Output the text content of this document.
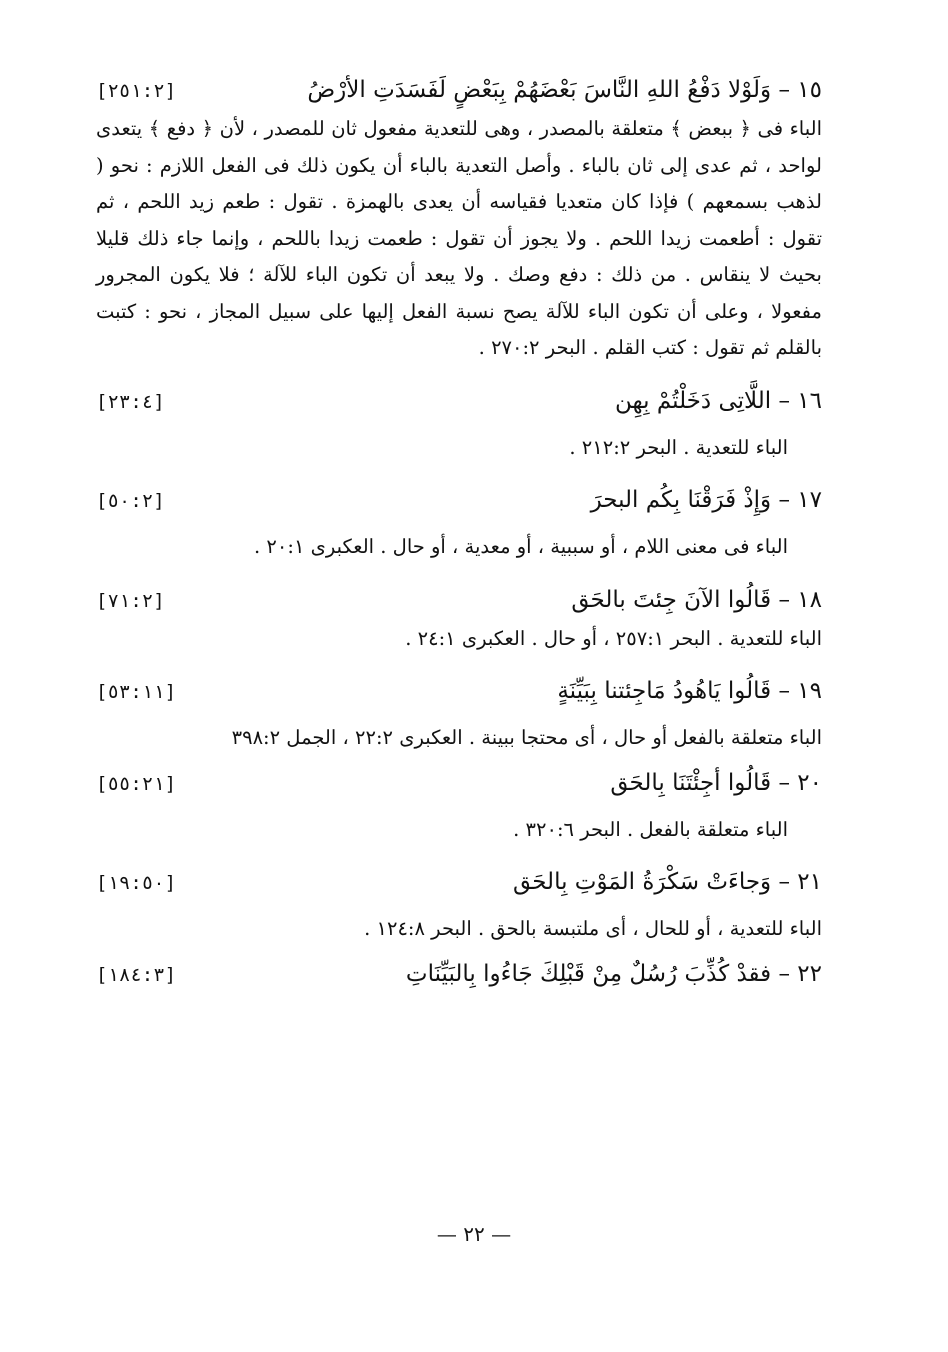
١٥ – وَلَوْلا دَفْعُ اللهِ النَّاسَ بَعْضَهُمْ بِبَعْضٍ لَفَسَدَتِ الأرْضُ
[٢٥١:٢]

الباء فى ﴿ ببعض ﴾ متعلقة بالمصدر ، وهى للتعدية مفعول ثان للمصدر ، لأن ﴿ دفع ﴾ يتعدى لواحد ، ثم عدى إلى ثان بالباء . وأصل التعدية بالباء أن يكون ذلك فى الفعل اللازم : نحو ( لذهب بسمعهم ) فإذا كان متعديا فقياسه أن يعدى بالهمزة . تقول : طعم زيد اللحم ، ثم تقول : أطعمت زيدا اللحم . ولا يجوز أن تقول : طعمت زيدا باللحم ، وإنما جاء ذلك قليلا بحيث لا ينقاس . من ذلك : دفع وصك . ولا يبعد أن تكون الباء للآلة ؛ فلا يكون المجرور مفعولا ، وعلى أن تكون الباء للآلة يصح نسبة الفعل إليها على سبيل المجاز ، نحو : كتبت بالقلم ثم تقول : كتب القلم . البحر ٢٧٠:٢ .

١٦ – اللَّاتِى دَخَلْتُمْ بِهِن
[٢٣:٤]

الباء للتعدية . البحر ٢١٢:٢ .

١٧ – وَإِذْ فَرَقْنَا بِكُم البحرَ
[٥٠:٢]

الباء فى معنى اللام ، أو سببية ، أو معدية ، أو حال . العكبرى ٢٠:١ .

١٨ – قَالُوا الآنَ جِئتَ بالحَق
[٧١:٢]

الباء للتعدية . البحر ٢٥٧:١ ، أو حال . العكبرى ٢٤:١ .

١٩ – قَالُوا يَاهُودُ مَاجِئتنا بِبَيِّنَةٍ
[٥٣:١١]

الباء متعلقة بالفعل أو حال ، أى محتجا ببينة . العكبرى ٢٢:٢ ، الجمل ٣٩٨:٢

٢٠ – قَالُوا أجِئْتَنَا بِالحَق
[٥٥:٢١]

الباء متعلقة بالفعل . البحر ٣٢٠:٦ .

٢١ – وَجاءَتْ سَكْرَةُ المَوْتِ بِالحَق
[١٩:٥٠]

الباء للتعدية ، أو للحال ، أى ملتبسة بالحق . البحر ١٢٤:٨ .

٢٢ – فقدْ كُذِّبَ رُسُلٌ مِنْ قَبْلِكَ جَاءُوا بِالبَيِّنَاتِ
[١٨٤:٣]
— ٢٢ —
